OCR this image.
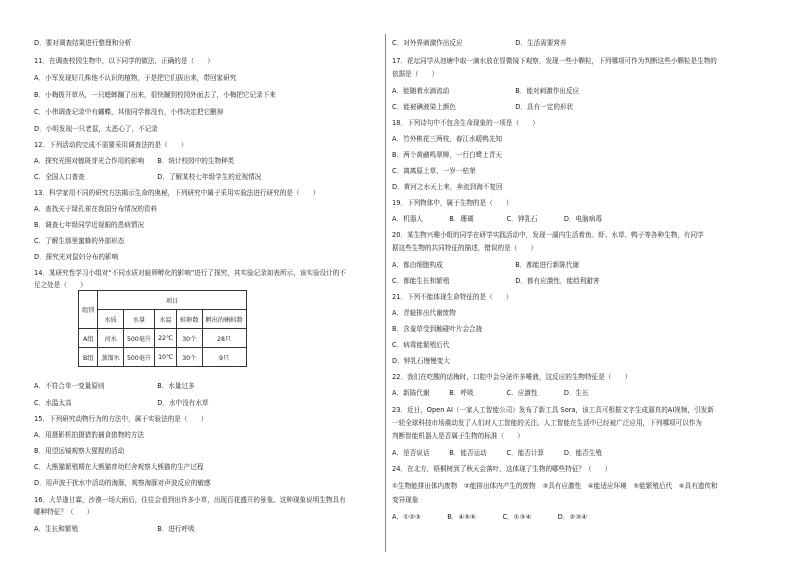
D．要对调查结果进行整理和分析
11．在调查校园生物中，以下同学的做法，正确的是（　　）
A．小军发现好几株他不认识的植物，于是把它们拔出来，带回家研究
B．小梅拨开草丛，一只蟋蟀蹦了出来，很快蹦到校园外面去了，小梅把它记录下来
C．小伟调查记录中有蝴蝶，其他同学都没有，小伟决定把它删掉
D．小明发现一只老鼠，太恶心了，不记录
12．下列活动的完成不需要采用调查法的是（　　）
A．探究光照对蝗斑芽光合作用的影响　　B．统计校园中的生物种类
C．全国人口普查　　　　　　　　　　　D．了解某校七年级学生的近视情况
13．科学家用不同的研究方法揭示生命的奥秘，下列研究中属于采用实验法进行研究的是（　　）
A．查找关于绿孔雀在我国分布情况的资料
B．调查七年级同学近视眼的患病情况
C．了解生那里蜜蜂的外部形态
D．探究光对鼠妇分布的影响
14．某研究性学习小组对“不同水质对蛙卵孵化的影响”进行了探究，其实验记录如表所示，该实验设计的不
足之处是（　　）
A．不符合单一变量原则　　　　　　　　B．水量过多
C．水温太高　　　　　　　　　　　　　D．水中没有水草
15．下列研究动物行为的方法中，属于实验法的是（　　）
A．用摄影机拍摄猎豹捕食猎物的方法
B．用望远镜观察大猩猩的活动
C．大熊猫繁殖期在大熊猫育幼栏舍观察大熊猫的生产过程
D．用声波干扰水中活动的海豚，观察海豚对声波反应的敏感
16．大旱逢甘霖，沙漠一场大雨后，往往会看到出许多小草，出现百花盛开的景象。这种现象说明生物具有
哪种特征？（　　）
A．生长和繁殖　　　　　　　　　　　　B．进行呼吸
C．对外界刺激作出反应　　　　　　　　D．生活需要营养
17．花坛同学从池塘中取一滴水放在显微镜下观察，发现一些小颗粒，下列哪项可作为判断这些小颗粒是生物的
依据是（　　）
A．能随着水滴流动　　　　　　　　　　B．能对刺激作出反应
C．能被碘液染上颜色　　　　　　　　　D．具有一定的形状
18．下列诗句中不包含生命现象的一项是（　　）
A．竹外桃花三两枝，春江水暖鸭先知
B．两个黄鹂鸣翠柳，一行白鹭上青天
C．离离原上草，一岁一枯荣
D．黄河之水天上来，奔流到海不复回
19．下列物体中，属于生物的是（　　）
A．机器人　　　　B．珊瑚　　　　　C．钟乳石　　　　D．电脑病毒
20．某生物兴趣小组的同学在研学实践活动中，发现一湖内生活着鱼、虾、水草、鸭子等各种生物，有同学
据这些生物的共同特征的描述，错误的是（　　）
A．都由细胞构成　　　　　　　　　　　B．都能进行新陈代谢
C．都能生长和繁殖　　　　　　　　　　D．都有应激性，能趋利避害
21．下列不能体现生命特征的是（　　）
A．青蛙排出代谢废物
B．含羞草受到触碰叶片会合拢
C．病毒能繁殖后代
D．钟乳石慢慢变大
22．我们在吃酸的话梅时，口腔中会分泌许多唾液，这反应的生物特征是（　　）
A．新陈代谢　　　B．呼吸　　　　　C．应激性　　　　D．生长
23．近日，Open AI（一家人工智能公司）发布了新工具 Sora，该工具可根据文字生成逼真的AI视频，引发新
一轮全球科技市场震动发了人们对人工智能的关注。人工智能在生活中已经被广泛应用，下列哪项可以作为
判断智能机器人是否属于生物的标准（　　）
A．是否说话　　　B．能否运动　　　C．能否计算　　　D．能否生殖
24．在北方，梧桐树到了秋天会落叶，这体现了生物的哪些特征？（　　）
①生物能排出体内废物　②能排出体内产生的废物　③具有应激性　④能适应环境　⑤能繁殖后代　⑥具有遗传和
变异现象
A．①②③　　　　B．④⑤⑥　　　　C．①③④　　　　D．②③④
组别	项目				
	水质	水量	水温	蛙卵数	孵出的蝌蚪数
A组	河水	500毫升	22℃	30个	28只
B组	蒸馏水	500毫升	10℃	30个	9只
